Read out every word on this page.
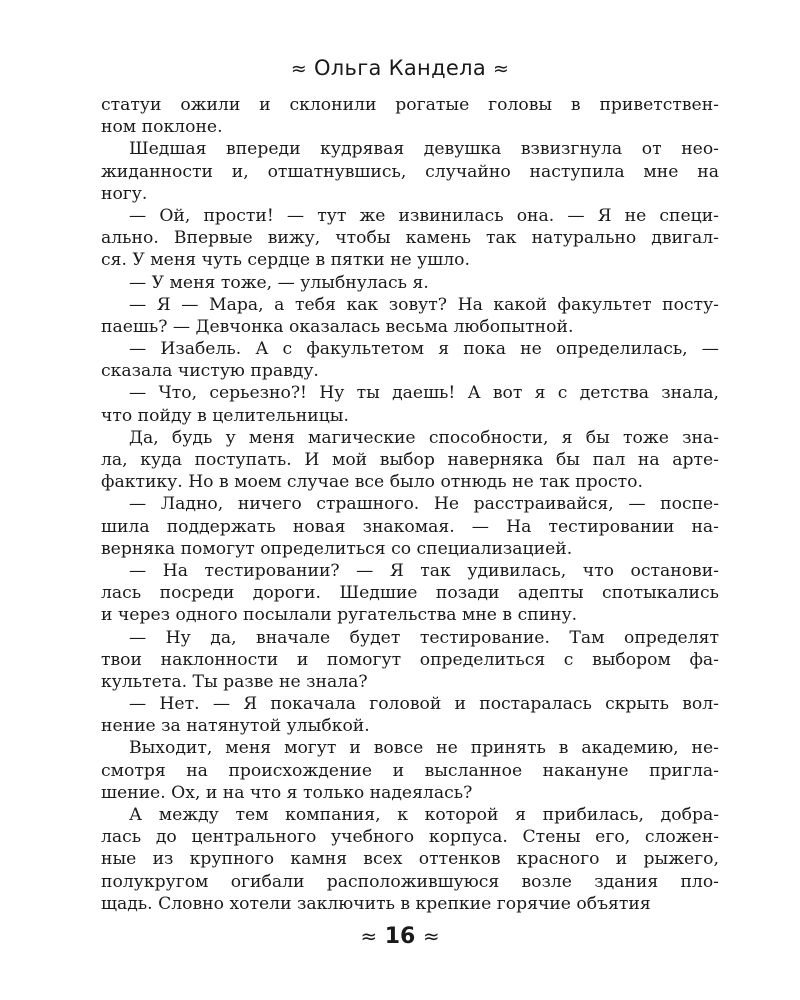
≈ Ольга Кандела ≈
статуи ожили и склонили рогатые головы в приветствен-
ном поклоне.
Шедшая впереди кудрявая девушка взвизгнула от нео-
жиданности и, отшатнувшись, случайно наступила мне на
ногу.
— Ой, прости! — тут же извинилась она. — Я не специ-
ально. Впервые вижу, чтобы камень так натурально двигал-
ся. У меня чуть сердце в пятки не ушло.
— У меня тоже, — улыбнулась я.
— Я — Мара, а тебя как зовут? На какой факультет посту-
паешь? — Девчонка оказалась весьма любопытной.
— Изабель. А с факультетом я пока не определилась, —
сказала чистую правду.
— Что, серьезно?! Ну ты даешь! А вот я с детства знала,
что пойду в целительницы.
Да, будь у меня магические способности, я бы тоже зна-
ла, куда поступать. И мой выбор наверняка бы пал на арте-
фактику. Но в моем случае все было отнюдь не так просто.
— Ладно, ничего страшного. Не расстраивайся, — поспе-
шила поддержать новая знакомая. — На тестировании на-
верняка помогут определиться со специализацией.
— На тестировании? — Я так удивилась, что останови-
лась посреди дороги. Шедшие позади адепты спотыкались
и через одного посылали ругательства мне в спину.
— Ну да, вначале будет тестирование. Там определят
твои наклонности и помогут определиться с выбором фа-
культета. Ты разве не знала?
— Нет. — Я покачала головой и постаралась скрыть вол-
нение за натянутой улыбкой.
Выходит, меня могут и вовсе не принять в академию, не-
смотря на происхождение и высланное накануне пригла-
шение. Ох, и на что я только надеялась?
А между тем компания, к которой я прибилась, добра-
лась до центрального учебного корпуса. Стены его, сложен-
ные из крупного камня всех оттенков красного и рыжего,
полукругом огибали расположившуюся возле здания пло-
щадь. Словно хотели заключить в крепкие горячие объятия
≈ 16 ≈
